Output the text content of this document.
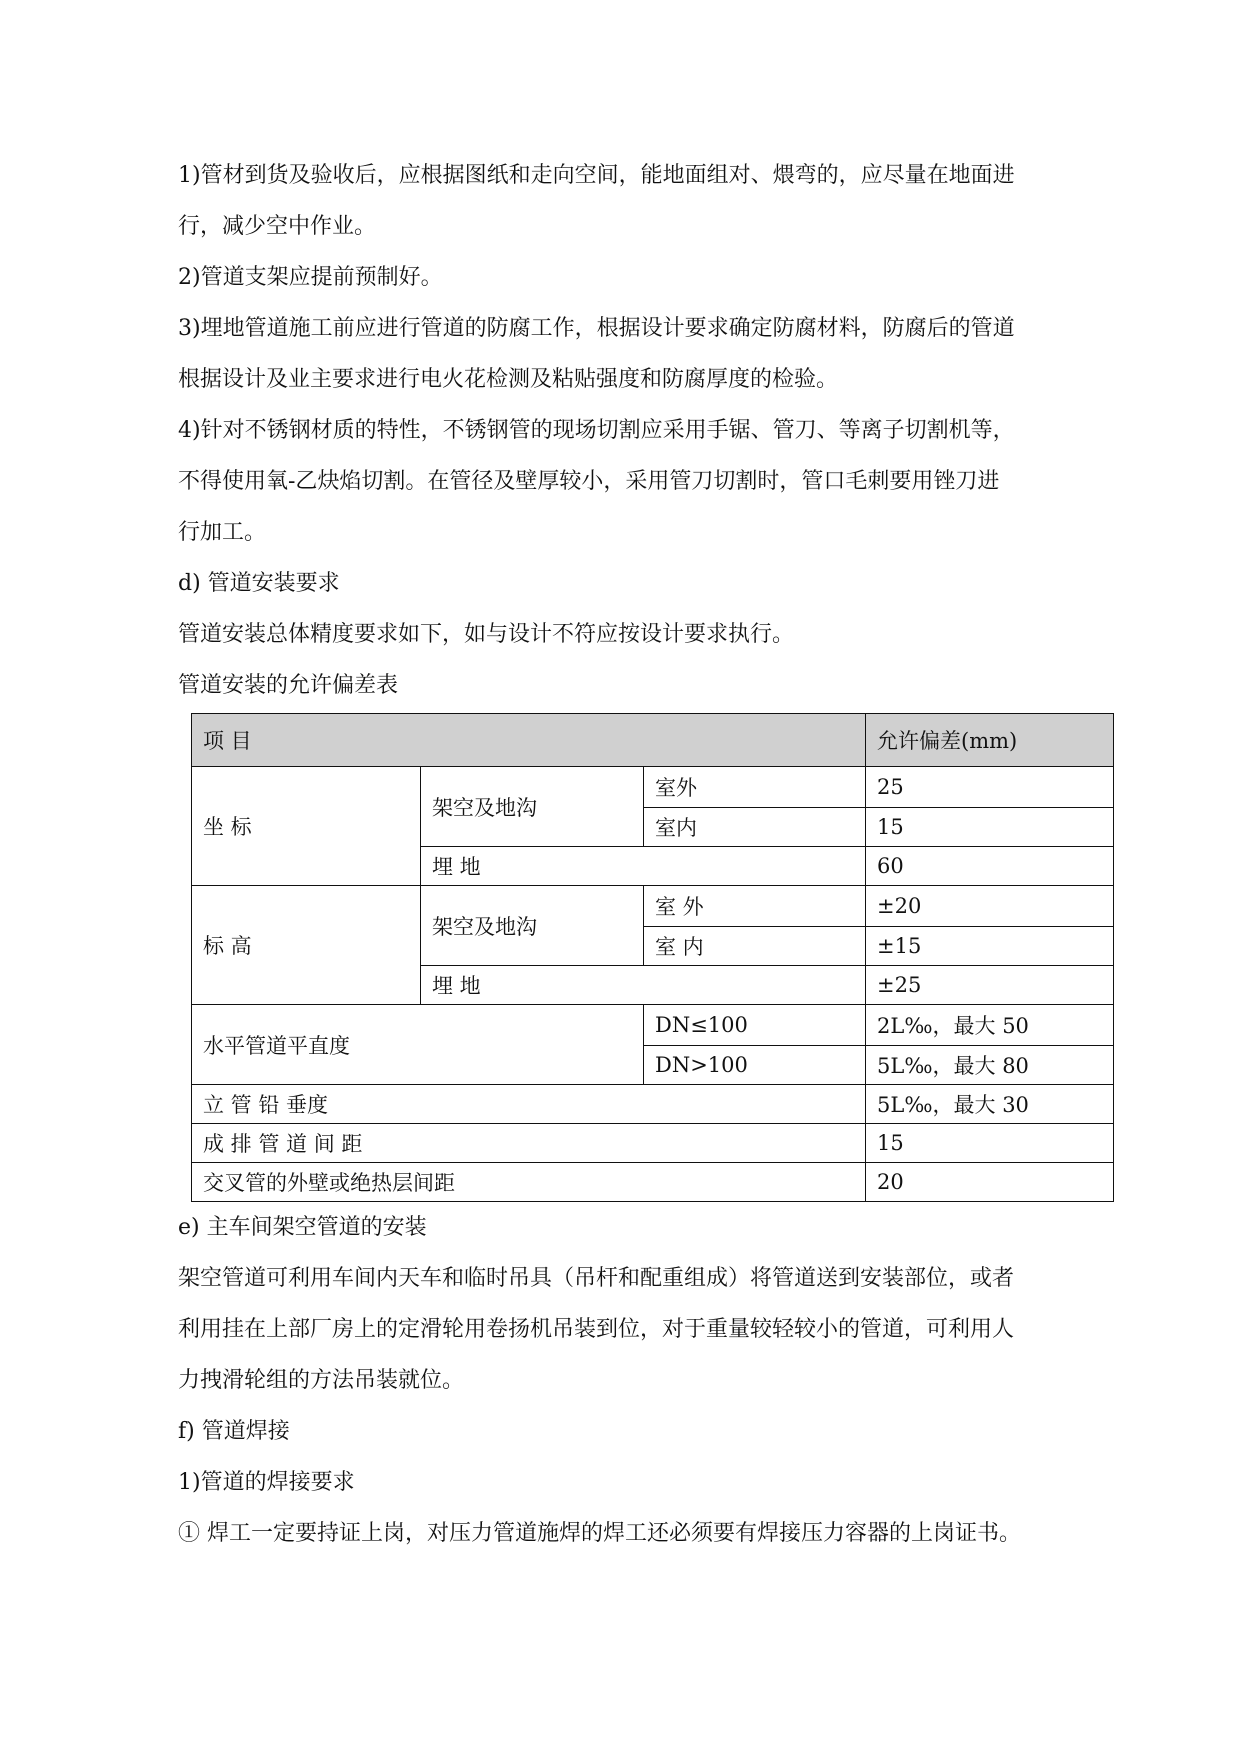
1)管材到货及验收后，应根据图纸和走向空间，能地面组对、煨弯的，应尽量在地面进

行，减少空中作业。

2)管道支架应提前预制好。

3)埋地管道施工前应进行管道的防腐工作，根据设计要求确定防腐材料，防腐后的管道

根据设计及业主要求进行电火花检测及粘贴强度和防腐厚度的检验。

4)针对不锈钢材质的特性，不锈钢管的现场切割应采用手锯、管刀、等离子切割机等，

不得使用氧-乙炔焰切割。在管径及壁厚较小，采用管刀切割时，管口毛刺要用锉刀进

行加工。

d) 管道安装要求

管道安装总体精度要求如下，如与设计不符应按设计要求执行。

管道安装的允许偏差表

项 目			允许偏差(mm)
坐 标	架空及地沟	室外	25
		室内	15
	埋 地		60
标 高	架空及地沟	室 外	±20
		室 内	±15
	埋 地		±25
水平管道平直度		DN≤100	2L‰，最大 50
		DN>100	5L‰，最大 80
立 管 铅 垂度			5L‰，最大 30
成 排 管 道 间 距			15
交叉管的外壁或绝热层间距			20

e) 主车间架空管道的安装

架空管道可利用车间内天车和临时吊具（吊杆和配重组成）将管道送到安装部位，或者

利用挂在上部厂房上的定滑轮用卷扬机吊装到位，对于重量较轻较小的管道，可利用人

力拽滑轮组的方法吊装就位。

f) 管道焊接

1)管道的焊接要求

① 焊工一定要持证上岗，对压力管道施焊的焊工还必须要有焊接压力容器的上岗证书。
